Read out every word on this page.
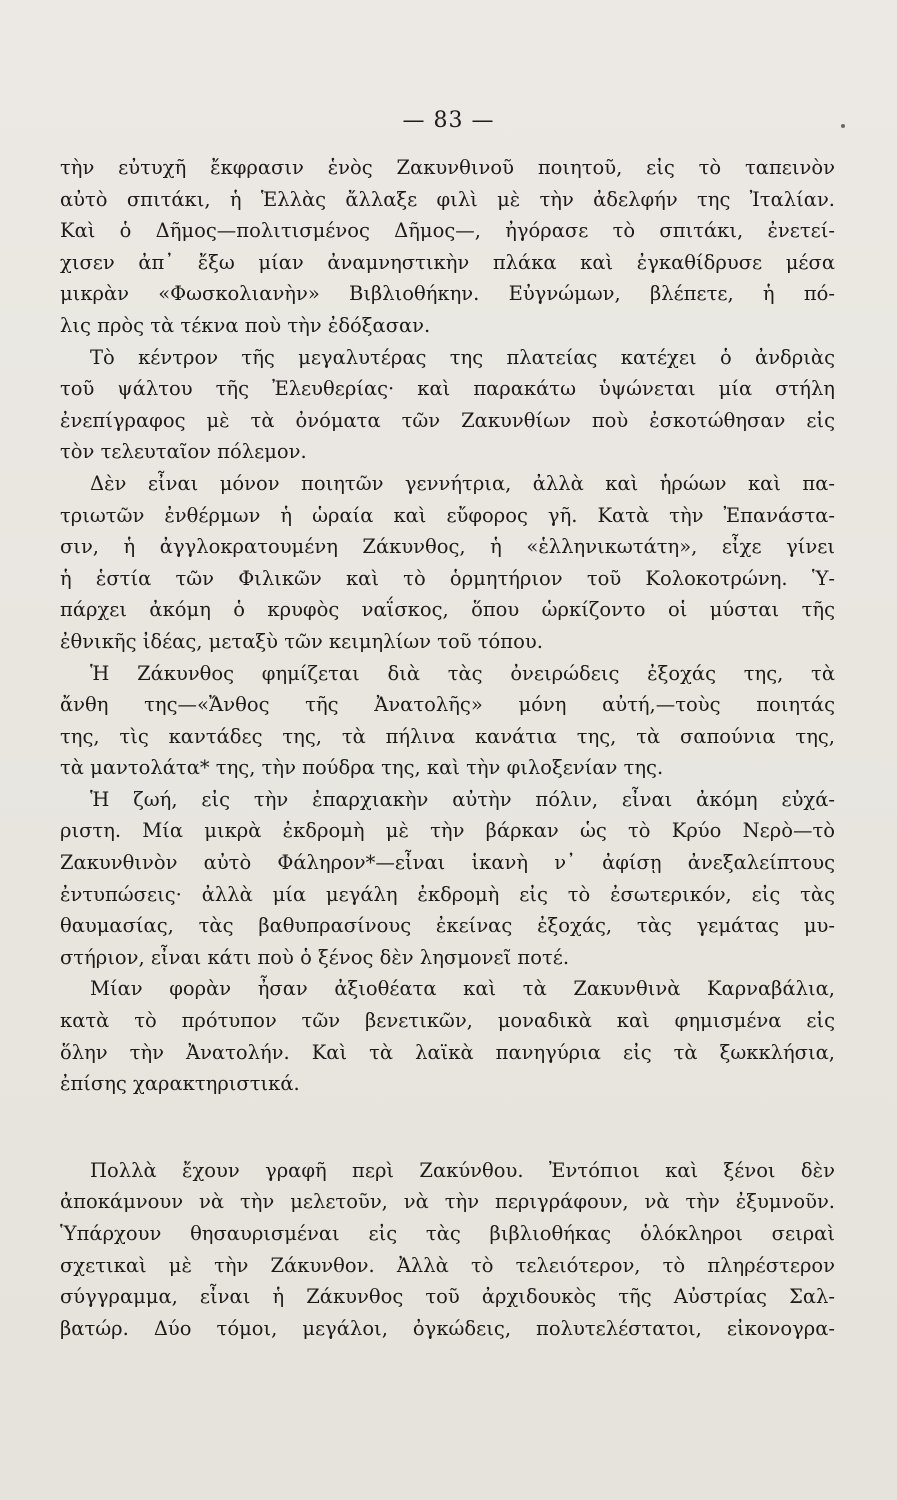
— 83 —
τὴν εὐτυχῆ ἔκφρασιν ἑνὸς Ζακυνθινοῦ ποιητοῦ, εἰς τὸ ταπεινὸν
αὐτὸ σπιτάκι, ἡ Ἑλλὰς ἄλλαξε φιλὶ μὲ τὴν ἀδελφήν της Ἰταλίαν.
Καὶ ὁ Δῆμος—πολιτισμένος Δῆμος—, ἠγόρασε τὸ σπιτάκι, ἐνετεί-
χισεν ἀπ᾽ ἔξω μίαν ἀναμνηστικὴν πλάκα καὶ ἐγκαθίδρυσε μέσα
μικρὰν «Φωσκολιανὴν» Βιβλιοθήκην. Εὐγνώμων, βλέπετε, ἡ πό-
λις πρὸς τὰ τέκνα ποὺ τὴν ἐδόξασαν.
Τὸ κέντρον τῆς μεγαλυτέρας της πλατείας κατέχει ὁ ἀνδριὰς
τοῦ ψάλτου τῆς Ἐλευθερίας· καὶ παρακάτω ὑψώνεται μία στήλη
ἐνεπίγραφος μὲ τὰ ὀνόματα τῶν Ζακυνθίων ποὺ ἐσκοτώθησαν εἰς
τὸν τελευταῖον πόλεμον.
Δὲν εἶναι μόνον ποιητῶν γεννήτρια, ἀλλὰ καὶ ἡρώων καὶ πα-
τριωτῶν ἐνθέρμων ἡ ὡραία καὶ εὔφορος γῆ. Κατὰ τὴν Ἐπανάστα-
σιν, ἡ ἀγγλοκρατουμένη Ζάκυνθος, ἡ «ἑλληνικωτάτη», εἶχε γίνει
ἡ ἑστία τῶν Φιλικῶν καὶ τὸ ὁρμητήριον τοῦ Κολοκοτρώνη. Ὑ-
πάρχει ἀκόμη ὁ κρυφὸς ναΐσκος, ὅπου ὡρκίζοντο οἱ μύσται τῆς
ἐθνικῆς ἰδέας, μεταξὺ τῶν κειμηλίων τοῦ τόπου.
Ἡ Ζάκυνθος φημίζεται διὰ τὰς ὀνειρώδεις ἐξοχάς της, τὰ
ἄνθη της—«Ἄνθος τῆς Ἀνατολῆς» μόνη αὐτή,—τοὺς ποιητάς
της, τὶς καντάδες της, τὰ πήλινα κανάτια της, τὰ σαπούνια της,
τὰ μαντολάτα* της, τὴν πούδρα της, καὶ τὴν φιλοξενίαν της.
Ἡ ζωή, εἰς τὴν ἐπαρχιακὴν αὐτὴν πόλιν, εἶναι ἀκόμη εὐχά-
ριστη. Μία μικρὰ ἐκδρομὴ μὲ τὴν βάρκαν ὡς τὸ Κρύο Νερὸ—τὸ
Ζακυνθινὸν αὐτὸ Φάληρον*—εἶναι ἱκανὴ ν᾽ ἀφίσῃ ἀνεξαλείπτους
ἐντυπώσεις· ἀλλὰ μία μεγάλη ἐκδρομὴ εἰς τὸ ἐσωτερικόν, εἰς τὰς
θαυμασίας, τὰς βαθυπρασίνους ἐκείνας ἐξοχάς, τὰς γεμάτας μυ-
στήριον, εἶναι κάτι ποὺ ὁ ξένος δὲν λησμονεῖ ποτέ.
Μίαν φορὰν ἦσαν ἀξιοθέατα καὶ τὰ Ζακυνθινὰ Καρναβάλια,
κατὰ τὸ πρότυπον τῶν βενετικῶν, μοναδικὰ καὶ φημισμένα εἰς
ὅλην τὴν Ἀνατολήν. Καὶ τὰ λαϊκὰ πανηγύρια εἰς τὰ ξωκκλήσια,
ἐπίσης χαρακτηριστικά.
Πολλὰ ἔχουν γραφῆ περὶ Ζακύνθου. Ἐντόπιοι καὶ ξένοι δὲν
ἀποκάμνουν νὰ τὴν μελετοῦν, νὰ τὴν περιγράφουν, νὰ τὴν ἐξυμνοῦν.
Ὑπάρχουν θησαυρισμέναι εἰς τὰς βιβλιοθήκας ὁλόκληροι σειραὶ
σχετικαὶ μὲ τὴν Ζάκυνθον. Ἀλλὰ τὸ τελειότερον, τὸ πληρέστερον
σύγγραμμα, εἶναι ἡ Ζάκυνθος τοῦ ἀρχιδουκὸς τῆς Αὐστρίας Σαλ-
βατώρ. Δύο τόμοι, μεγάλοι, ὀγκώδεις, πολυτελέστατοι, εἰκονογρα-
